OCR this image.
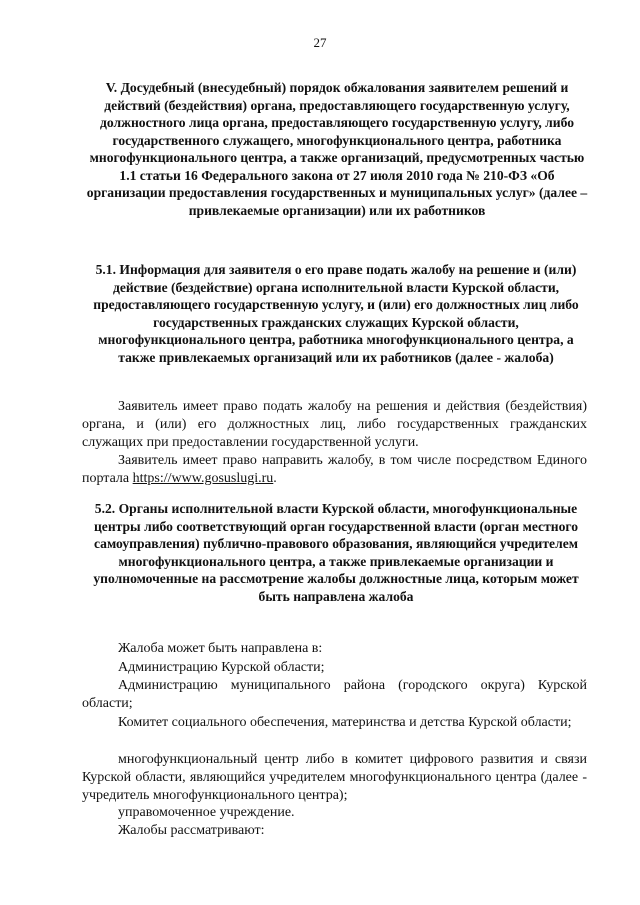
27

V. Досудебный (внесудебный) порядок обжалования заявителем решений и действий (бездействия) органа, предоставляющего государственную услугу, должностного лица органа, предоставляющего государственную услугу, либо государственного служащего, многофункционального центра, работника многофункционального центра, а также организаций, предусмотренных частью 1.1 статьи 16 Федерального закона от 27 июля 2010 года № 210-ФЗ «Об организации предоставления государственных и муниципальных услуг» (далее – привлекаемые организации) или их работников

5.1. Информация для заявителя о его праве подать жалобу на решение и (или) действие (бездействие) органа исполнительной власти Курской области, предоставляющего государственную услугу, и (или) его должностных лиц либо государственных гражданских служащих Курской области, многофункционального центра, работника многофункционального центра, а также привлекаемых организаций или их работников (далее - жалоба)

Заявитель имеет право подать жалобу на решения и действия (бездействия) органа, и (или) его должностных лиц, либо государственных гражданских служащих при предоставлении государственной услуги.

Заявитель имеет право направить жалобу, в том числе посредством Единого портала https://www.gosuslugi.ru.

5.2. Органы исполнительной власти Курской области, многофункциональные центры либо соответствующий орган государственной власти (орган местного самоуправления) публично-правового образования, являющийся учредителем многофункционального центра, а также привлекаемые организации и уполномоченные на рассмотрение жалобы должностные лица, которым может быть направлена жалоба

Жалоба может быть направлена в:

Администрацию Курской области;

Администрацию муниципального района (городского округа) Курской области;

Комитет социального обеспечения, материнства и детства Курской области;

многофункциональный центр либо в комитет цифрового развития и связи Курской области, являющийся учредителем многофункционального центра (далее - учредитель многофункционального центра);

управомоченное учреждение.

Жалобы рассматривают:
